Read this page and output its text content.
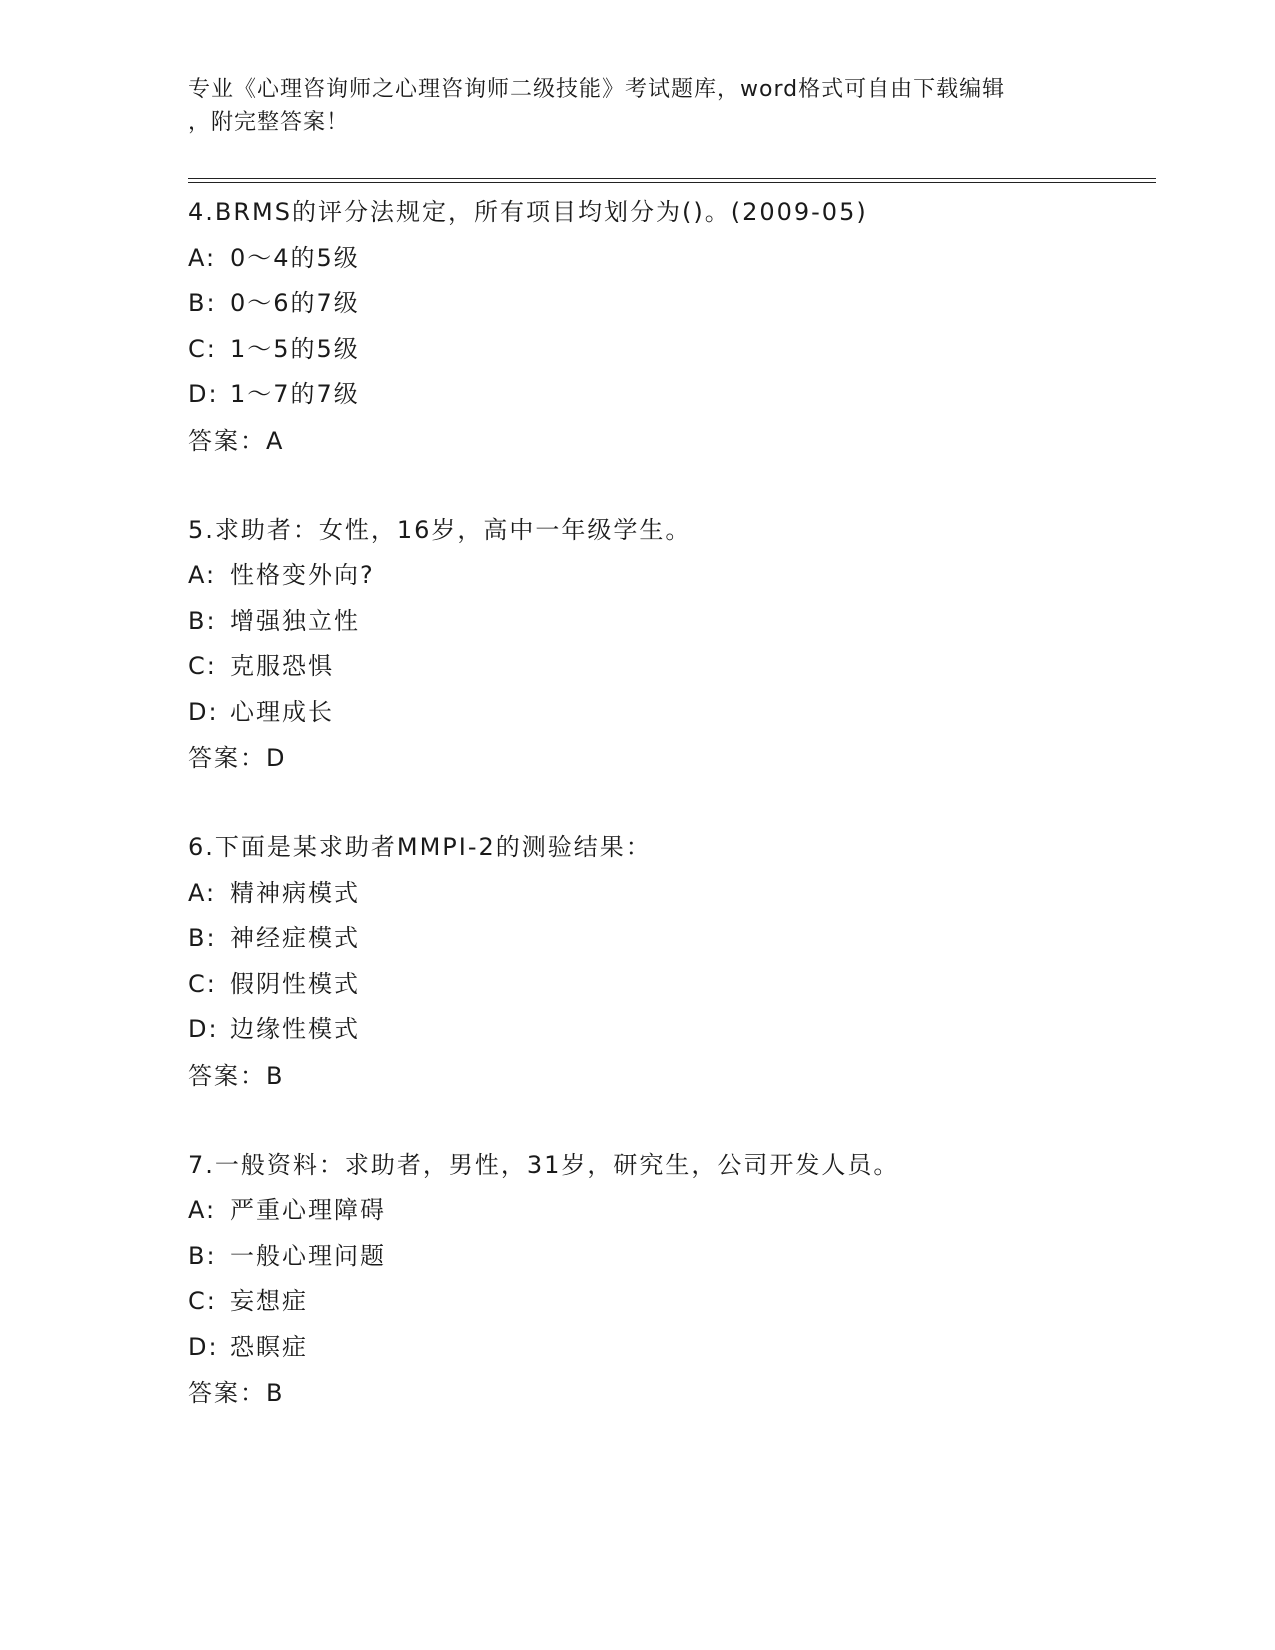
专业《心理咨询师之心理咨询师二级技能》考试题库，word格式可自由下载编辑
，附完整答案！
4.BRMS的评分法规定，所有项目均划分为()。(2009-05)
A: 0～4的5级
B: 0～6的7级
C: 1～5的5级
D: 1～7的7级
答案：A
5.求助者：女性，16岁，高中一年级学生。
A: 性格变外向?
B: 增强独立性
C: 克服恐惧
D: 心理成长
答案：D
6.下面是某求助者MMPI-2的测验结果：
A: 精神病模式
B: 神经症模式
C: 假阴性模式
D: 边缘性模式
答案：B
7.一般资料：求助者，男性，31岁，研究生，公司开发人员。
A: 严重心理障碍
B: 一般心理问题
C: 妄想症
D: 恐瞑症
答案：B
